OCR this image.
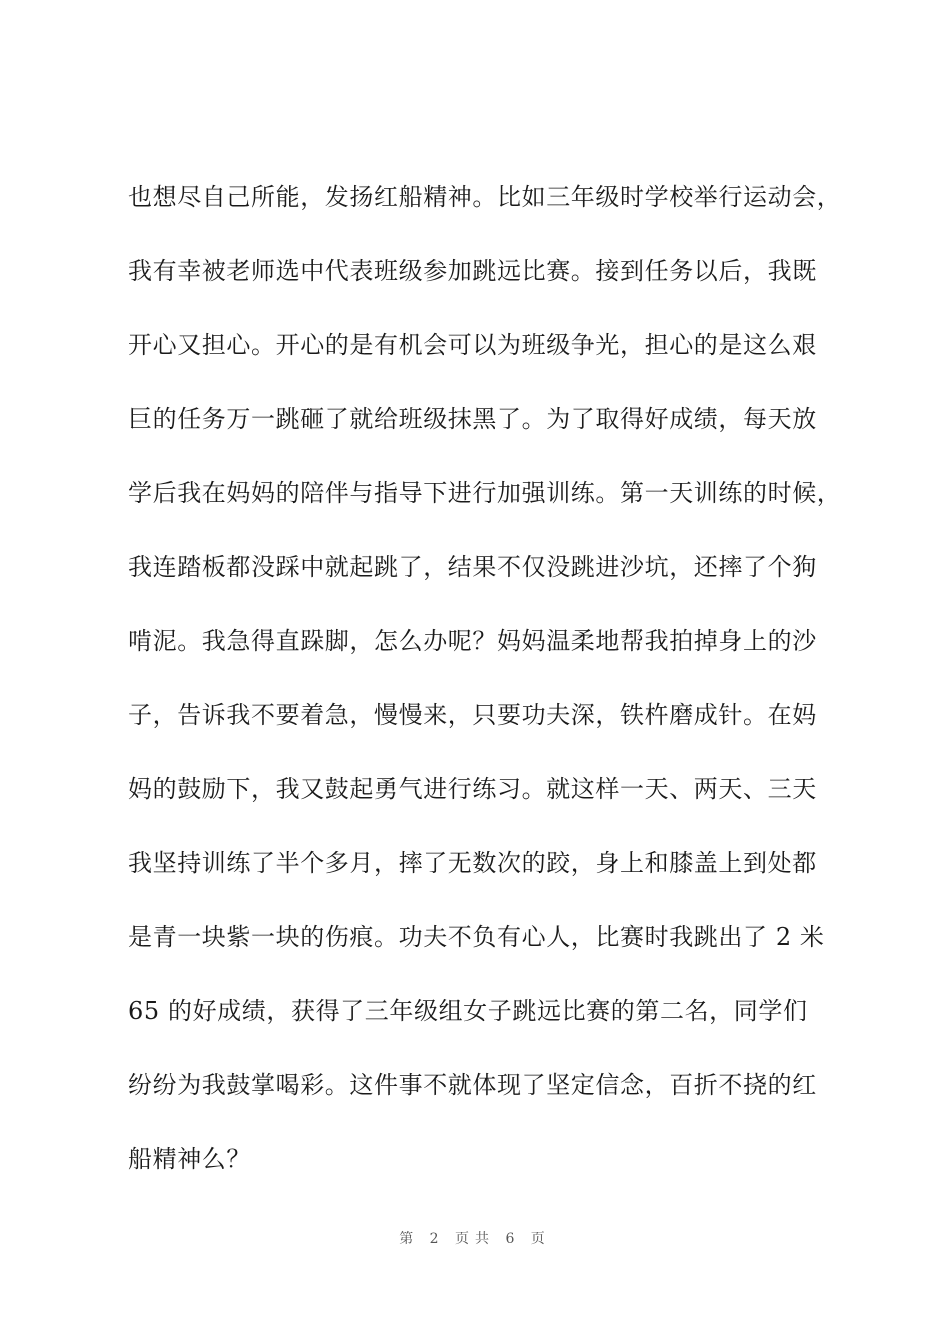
也想尽自己所能，发扬红船精神。比如三年级时学校举行运动会，
我有幸被老师选中代表班级参加跳远比赛。接到任务以后，我既
开心又担心。开心的是有机会可以为班级争光，担心的是这么艰
巨的任务万一跳砸了就给班级抹黑了。为了取得好成绩，每天放
学后我在妈妈的陪伴与指导下进行加强训练。第一天训练的时候，
我连踏板都没踩中就起跳了，结果不仅没跳进沙坑，还摔了个狗
啃泥。我急得直跺脚，怎么办呢？妈妈温柔地帮我拍掉身上的沙
子，告诉我不要着急，慢慢来，只要功夫深，铁杵磨成针。在妈
妈的鼓励下，我又鼓起勇气进行练习。就这样一天、两天、三天
我坚持训练了半个多月，摔了无数次的跤，身上和膝盖上到处都
是青一块紫一块的伤痕。功夫不负有心人，比赛时我跳出了 2 米
65 的好成绩，获得了三年级组女子跳远比赛的第二名，同学们
纷纷为我鼓掌喝彩。这件事不就体现了坚定信念，百折不挠的红
船精神么？
第 2 页共 6 页
